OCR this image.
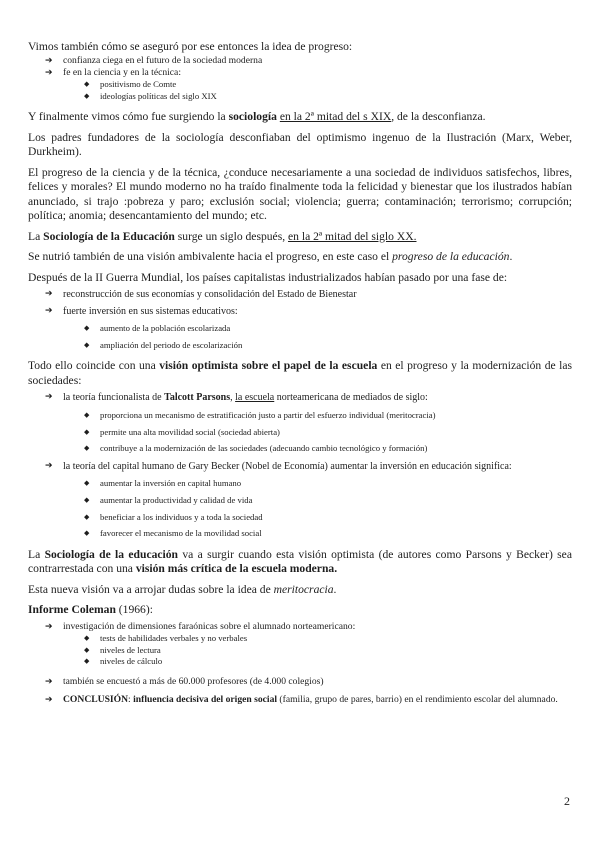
Vimos también cómo se aseguró por ese entonces la idea de progreso:

➔ confianza ciega en el futuro de la sociedad moderna
➔ fe en la ciencia y en la técnica:
◆ positivismo de Comte
◆ ideologías políticas del siglo XIX

Y finalmente vimos cómo fue surgiendo la sociología en la 2ª mitad del s XIX, de la desconfianza.

Los padres fundadores de la sociología desconfiaban del optimismo ingenuo de la Ilustración (Marx, Weber, Durkheim).

El progreso de la ciencia y de la técnica, ¿conduce necesariamente a una sociedad de individuos satisfechos, libres, felices y morales? El mundo moderno no ha traído finalmente toda la felicidad y bienestar que los ilustrados habían anunciado, si trajo :pobreza y paro; exclusión social; violencia; guerra; contaminación; terrorismo; corrupción; política; anomia; desencantamiento del mundo; etc.

La Sociología de la Educación surge un siglo después, en la 2ª mitad del siglo XX.

Se nutrió también de una visión ambivalente hacia el progreso, en este caso el progreso de la educación.

Después de la II Guerra Mundial, los países capitalistas industrializados habían pasado por una fase de:

➔ reconstrucción de sus economías y consolidación del Estado de Bienestar
➔ fuerte inversión en sus sistemas educativos:
◆ aumento de la población escolarizada
◆ ampliación del periodo de escolarización

Todo ello coincide con una visión optimista sobre el papel de la escuela en el progreso y la modernización de las sociedades:

➔ la teoría funcionalista de Talcott Parsons, la escuela norteamericana de mediados de siglo:
◆ proporciona un mecanismo de estratificación justo a partir del esfuerzo individual (meritocracia)
◆ permite una alta movilidad social (sociedad abierta)
◆ contribuye a la modernización de las sociedades (adecuando cambio tecnológico y formación)
➔ la teoría del capital humano de Gary Becker (Nobel de Economía) aumentar la inversión en educación significa:
◆ aumentar la inversión en capital humano
◆ aumentar la productividad y calidad de vida
◆ beneficiar a los individuos y a toda la sociedad
◆ favorecer el mecanismo de la movilidad social

La Sociología de la educación va a surgir cuando esta visión optimista (de autores como Parsons y Becker) sea contrarrestada con una visión más crítica de la escuela moderna.

Esta nueva visión va a arrojar dudas sobre la idea de meritocracia.

Informe Coleman (1966):

➔ investigación de dimensiones faraónicas sobre el alumnado norteamericano:
◆ tests de habilidades verbales y no verbales
◆ niveles de lectura
◆ niveles de cálculo
➔ también se encuestó a más de 60.000 profesores (de 4.000 colegios)
➔ CONCLUSIÓN: influencia decisiva del origen social (familia, grupo de pares, barrio) en el rendimiento escolar del alumnado.
2
